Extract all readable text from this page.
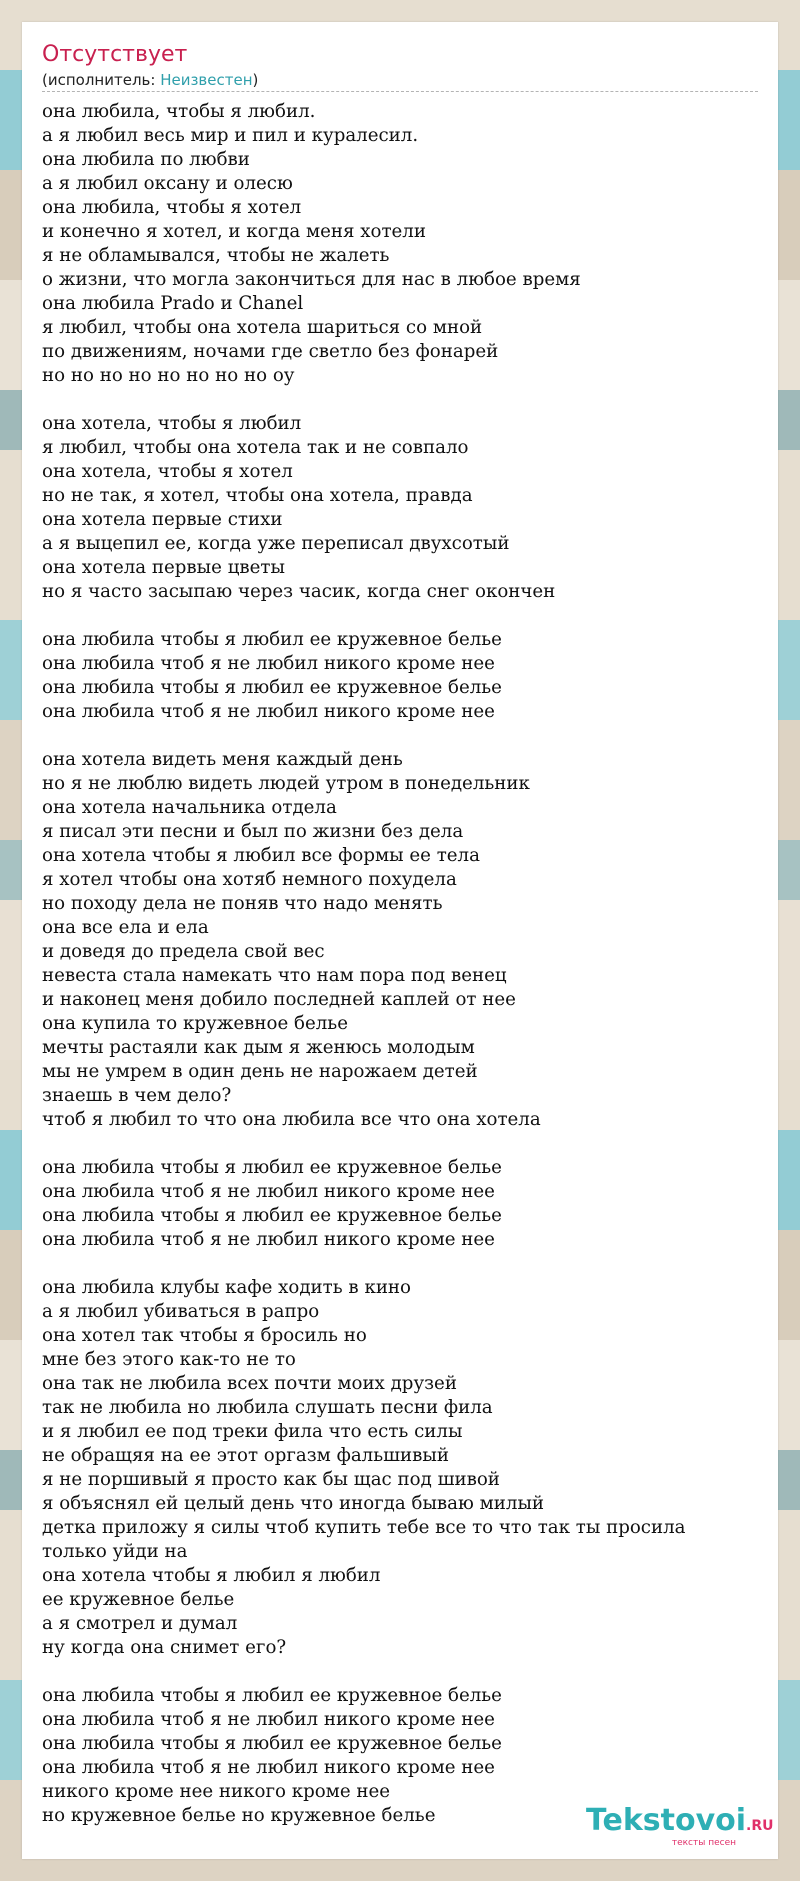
Отсутствует
(исполнитель: Неизвестен)
она любила, чтобы я любил.
а я любил весь мир и пил и куралесил.
она любила по любви
а я любил оксану и олесю
она любила, чтобы я хотел
и конечно я хотел, и когда меня хотели
я не обламывался, чтобы не жалеть
о жизни, что могла закончиться для нас в любое время
она любила Prado и Chanel
я любил, чтобы она хотела шариться со мной
по движениям, ночами где светло без фонарей
но но но но но но но но оу
она хотела, чтобы я любил
я любил, чтобы она хотела так и не совпало
она хотела, чтобы я хотел
но не так, я хотел, чтобы она хотела, правда
она хотела первые стихи
а я выцепил ее, когда уже переписал двухсотый
она хотела первые цветы
но я часто засыпаю через часик, когда снег окончен
она любила чтобы я любил ее кружевное белье
она любила чтоб я не любил никого кроме нее
она любила чтобы я любил ее кружевное белье
она любила чтоб я не любил никого кроме нее
она хотела видеть меня каждый день
но я не люблю видеть людей утром в понедельник
она хотела начальника отдела
я писал эти песни и был по жизни без дела
она хотела чтобы я любил все формы ее тела
я хотел чтобы она хотяб немного похудела
но походу дела не поняв что надо менять
она все ела и ела
и доведя до предела свой вес
невеста стала намекать что нам пора под венец
и наконец меня добило последней каплей от нее
она купила то кружевное белье
мечты растаяли как дым я женюсь молодым
мы не умрем в один день не нарожаем детей
знаешь в чем дело?
чтоб я любил то что она любила все что она хотела
она любила чтобы я любил ее кружевное белье
она любила чтоб я не любил никого кроме нее
она любила чтобы я любил ее кружевное белье
она любила чтоб я не любил никого кроме нее
она любила клубы кафе ходить в кино
а я любил убиваться в рапро
она хотел так чтобы я бросиль но
мне без этого как-то не то
она так не любила всех почти моих друзей
так не любила но любила слушать песни фила
и я любил ее под треки фила что есть силы
не обращяя на ее этот оргазм фальшивый
я не поршивый я просто как бы щас под шивой
я объяснял ей целый день что иногда бываю милый
детка приложу я силы чтоб купить тебе все то что так ты просила
только уйди на
она хотела чтобы я любил я любил
ее кружевное белье
а я смотрел и думал
ну когда она снимет его?
она любила чтобы я любил ее кружевное белье
она любила чтоб я не любил никого кроме нее
она любила чтобы я любил ее кружевное белье
она любила чтоб я не любил никого кроме нее
никого кроме нее никого кроме нее
но кружевное белье но кружевное белье	Tekstovoi.RU
тексты песен
